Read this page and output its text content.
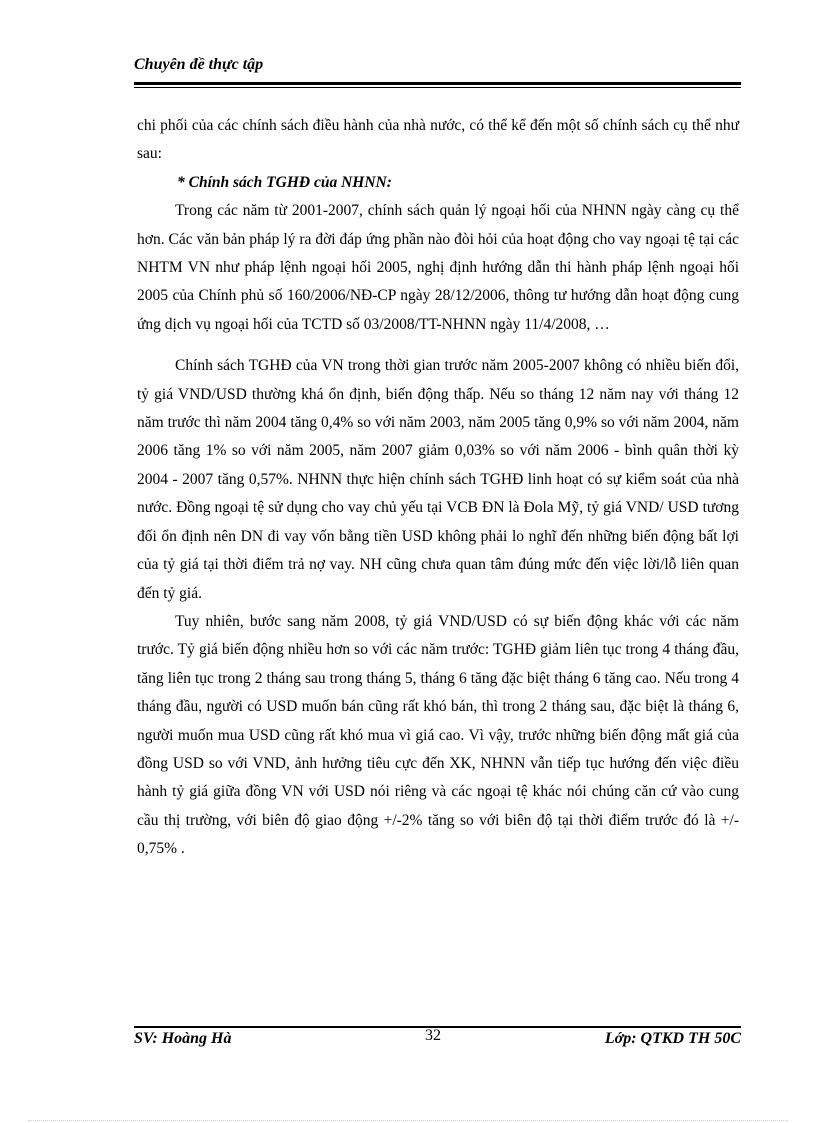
Chuyên đề thực tập

chi phối của các chính sách điều hành của nhà nước, có thể kể đến một số chính sách cụ thể như sau:

* Chính sách TGHĐ của NHNN:

Trong các năm từ 2001-2007, chính sách quản lý ngoại hối của NHNN ngày càng cụ thể hơn. Các văn bản pháp lý ra đời đáp ứng phần nào đòi hỏi của hoạt động cho vay ngoại tệ tại các NHTM VN như pháp lệnh ngoại hối 2005, nghị định hướng dẫn thi hành pháp lệnh ngoại hối 2005 của Chính phủ số 160/2006/NĐ-CP ngày 28/12/2006, thông tư hướng dẫn hoạt động cung ứng dịch vụ ngoại hối của TCTD số 03/2008/TT-NHNN ngày 11/4/2008, …

Chính sách TGHĐ của VN trong thời gian trước năm 2005-2007 không có nhiều biến đổi, tỷ giá VND/USD thường khá ổn định, biến động thấp. Nếu so tháng 12 năm nay với tháng 12 năm trước thì năm 2004 tăng 0,4% so với năm 2003, năm 2005 tăng 0,9% so với năm 2004, năm 2006 tăng 1% so với năm 2005, năm 2007 giảm 0,03% so với năm 2006 - bình quân thời kỳ 2004 - 2007 tăng 0,57%. NHNN thực hiện chính sách TGHĐ linh hoạt có sự kiểm soát của nhà nước. Đồng ngoại tệ sử dụng cho vay chủ yếu tại VCB ĐN là Đola Mỹ, tỷ giá VND/ USD tương đối ổn định nên DN đi vay vốn bằng tiền USD không phải lo nghĩ đến những biến động bất lợi của tỷ giá tại thời điểm trả nợ vay. NH cũng chưa quan tâm đúng mức đến việc lời/lỗ liên quan đến tỷ giá.

Tuy nhiên, bước sang năm 2008, tỷ giá VND/USD có sự biến động khác với các năm trước. Tỷ giá biến động nhiều hơn so với các năm trước: TGHĐ giảm liên tục trong 4 tháng đầu, tăng liên tục trong 2 tháng sau trong tháng 5, tháng 6 tăng đặc biệt tháng 6 tăng cao. Nếu trong 4 tháng đầu, người có USD muốn bán cũng rất khó bán, thì trong 2 tháng sau, đặc biệt là tháng 6, người muốn mua USD cũng rất khó mua vì giá cao. Vì vậy, trước những biến động mất giá của đồng USD so với VND, ảnh hưởng tiêu cực đến XK, NHNN vẫn tiếp tục hướng đến việc điều hành tỷ giá giữa đồng VN với USD nói riêng và các ngoại tệ khác nói chúng căn cứ vào cung cầu thị trường, với biên độ giao động +/-2% tăng so với biên độ tại thời điểm trước đó là +/- 0,75% .

SV: Hoàng Hà	32	Lớp: QTKD TH 50C
